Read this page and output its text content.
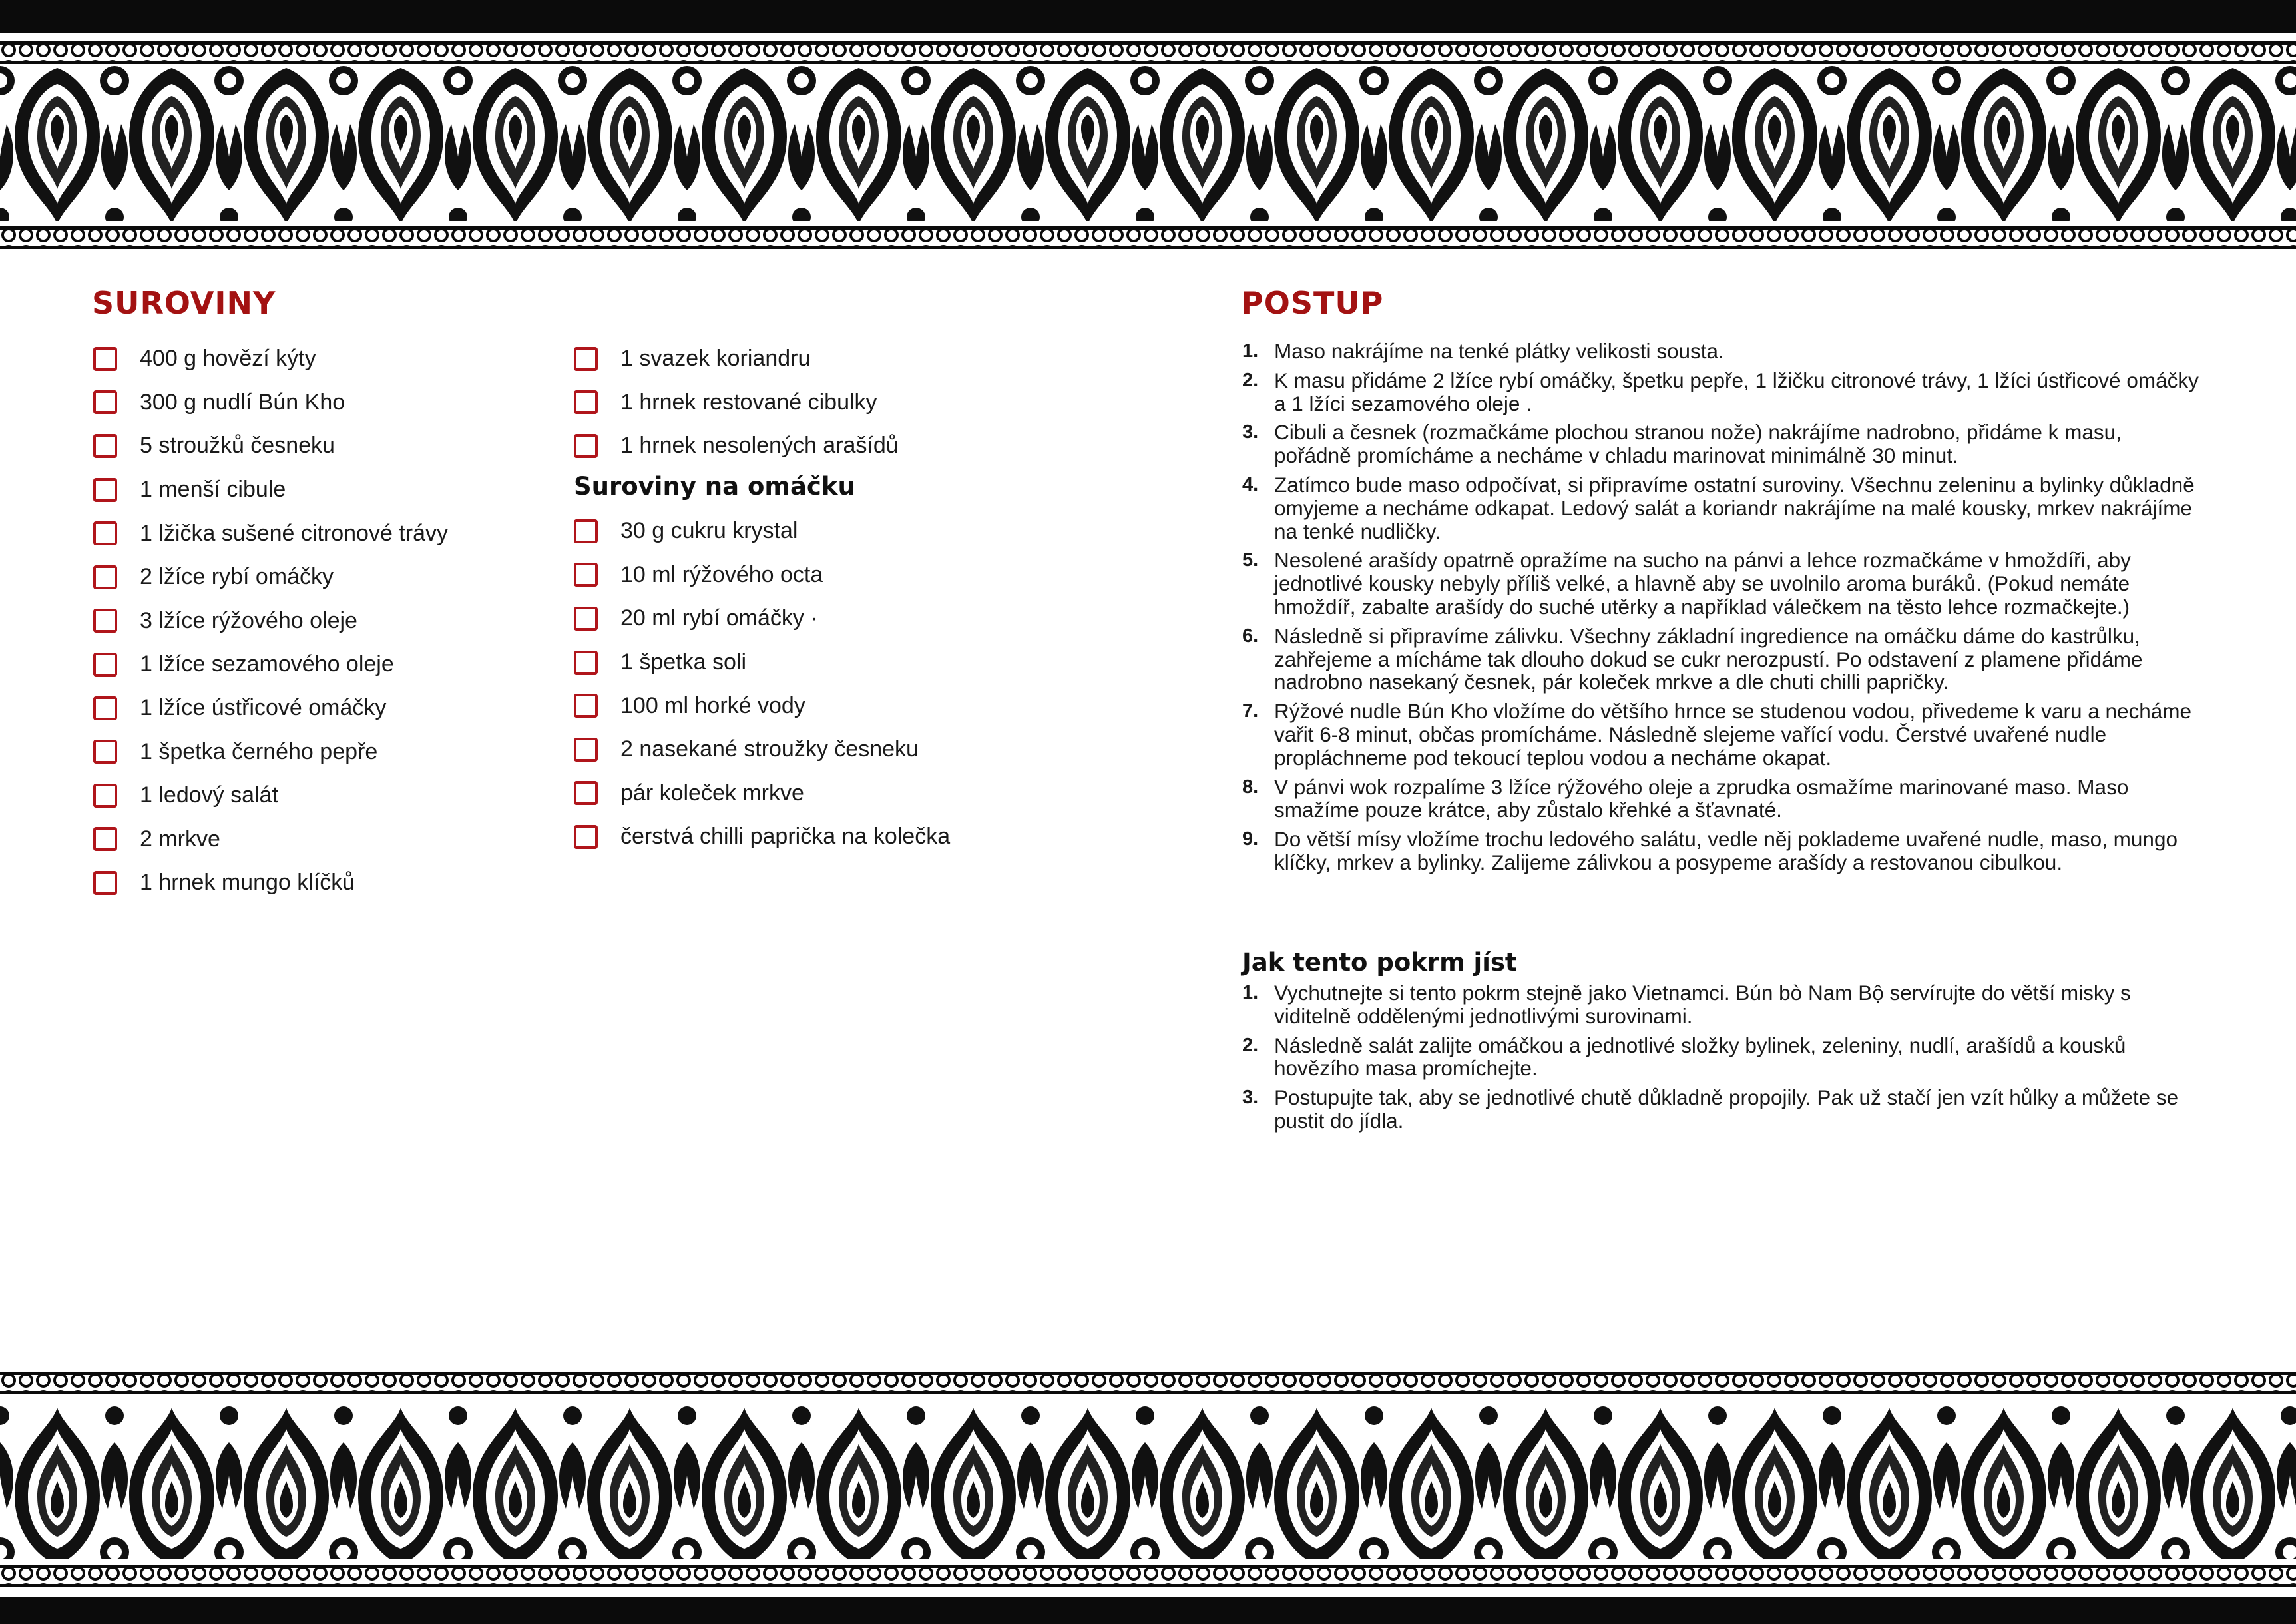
SUROVINY
400 g hovězí kýty
300 g nudlí Bún Kho
5 stroužků česneku
1 menší cibule
1 lžička sušené citronové trávy
2 lžíce rybí omáčky
3 lžíce rýžového oleje
1 lžíce sezamového oleje
1 lžíce ústřicové omáčky
1 špetka černého pepře
1 ledový salát
2 mrkve
1 hrnek mungo klíčků
1 svazek koriandru
1 hrnek restované cibulky
1 hrnek nesolených arašídů
Suroviny na omáčku
30 g cukru krystal
10 ml rýžového octa
20 ml rybí omáčky ·
1 špetka soli
100 ml horké vody
2 nasekané stroužky česneku
pár koleček mrkve
čerstvá chilli paprička na kolečka
POSTUP
1. Maso nakrájíme na tenké plátky velikosti sousta.
2. K masu přidáme 2 lžíce rybí omáčky, špetku pepře, 1 lžičku citronové trávy, 1 lžíci ústřicové omáčky a 1 lžíci sezamového oleje .
3. Cibuli a česnek (rozmačkáme plochou stranou nože) nakrájíme nadrobno, přidáme k masu, pořádně promícháme a necháme v chladu marinovat minimálně 30 minut.
4. Zatímco bude maso odpočívat, si připravíme ostatní suroviny. Všechnu zeleninu a bylinky důkladně omyjeme a necháme odkapat. Ledový salát a koriandr nakrájíme na malé kousky, mrkev nakrájíme na tenké nudličky.
5. Nesolené arašídy opatrně opražíme na sucho na pánvi a lehce rozmačkáme v hmoždíři, aby jednotlivé kousky nebyly příliš velké, a hlavně aby se uvolnilo aroma buráků. (Pokud nemáte hmoždíř, zabalte arašídy do suché utěrky a například válečkem na těsto lehce rozmačkejte.)
6. Následně si připravíme zálivku. Všechny základní ingredience na omáčku dáme do kastrůlku, zahřejeme a mícháme tak dlouho dokud se cukr nerozpustí. Po odstavení z plamene přidáme nadrobno nasekaný česnek, pár koleček mrkve a dle chuti chilli papričky.
7. Rýžové nudle Bún Kho vložíme do většího hrnce se studenou vodou, přivedeme k varu a necháme vařit 6-8 minut, občas promícháme. Následně slejeme vařící vodu. Čerstvé uvařené nudle propláchneme pod tekoucí teplou vodou a necháme okapat.
8. V pánvi wok rozpalíme 3 lžíce rýžového oleje a zprudka osmažíme marinované maso. Maso smažíme pouze krátce, aby zůstalo křehké a šťavnaté.
9. Do větší mísy vložíme trochu ledového salátu, vedle něj poklademe uvařené nudle, maso, mungo klíčky, mrkev a bylinky. Zalijeme zálivkou a posypeme arašídy a restovanou cibulkou.
Jak tento pokrm jíst
1. Vychutnejte si tento pokrm stejně jako Vietnamci. Bún bò Nam Bộ servírujte do větší misky s viditelně oddělenými jednotlivými surovinami.
2. Následně salát zalijte omáčkou a jednotlivé složky bylinek, zeleniny, nudlí, arašídů a kousků hovězího masa promíchejte.
3. Postupujte tak, aby se jednotlivé chutě důkladně propojily. Pak už stačí jen vzít hůlky a můžete se pustit do jídla.
